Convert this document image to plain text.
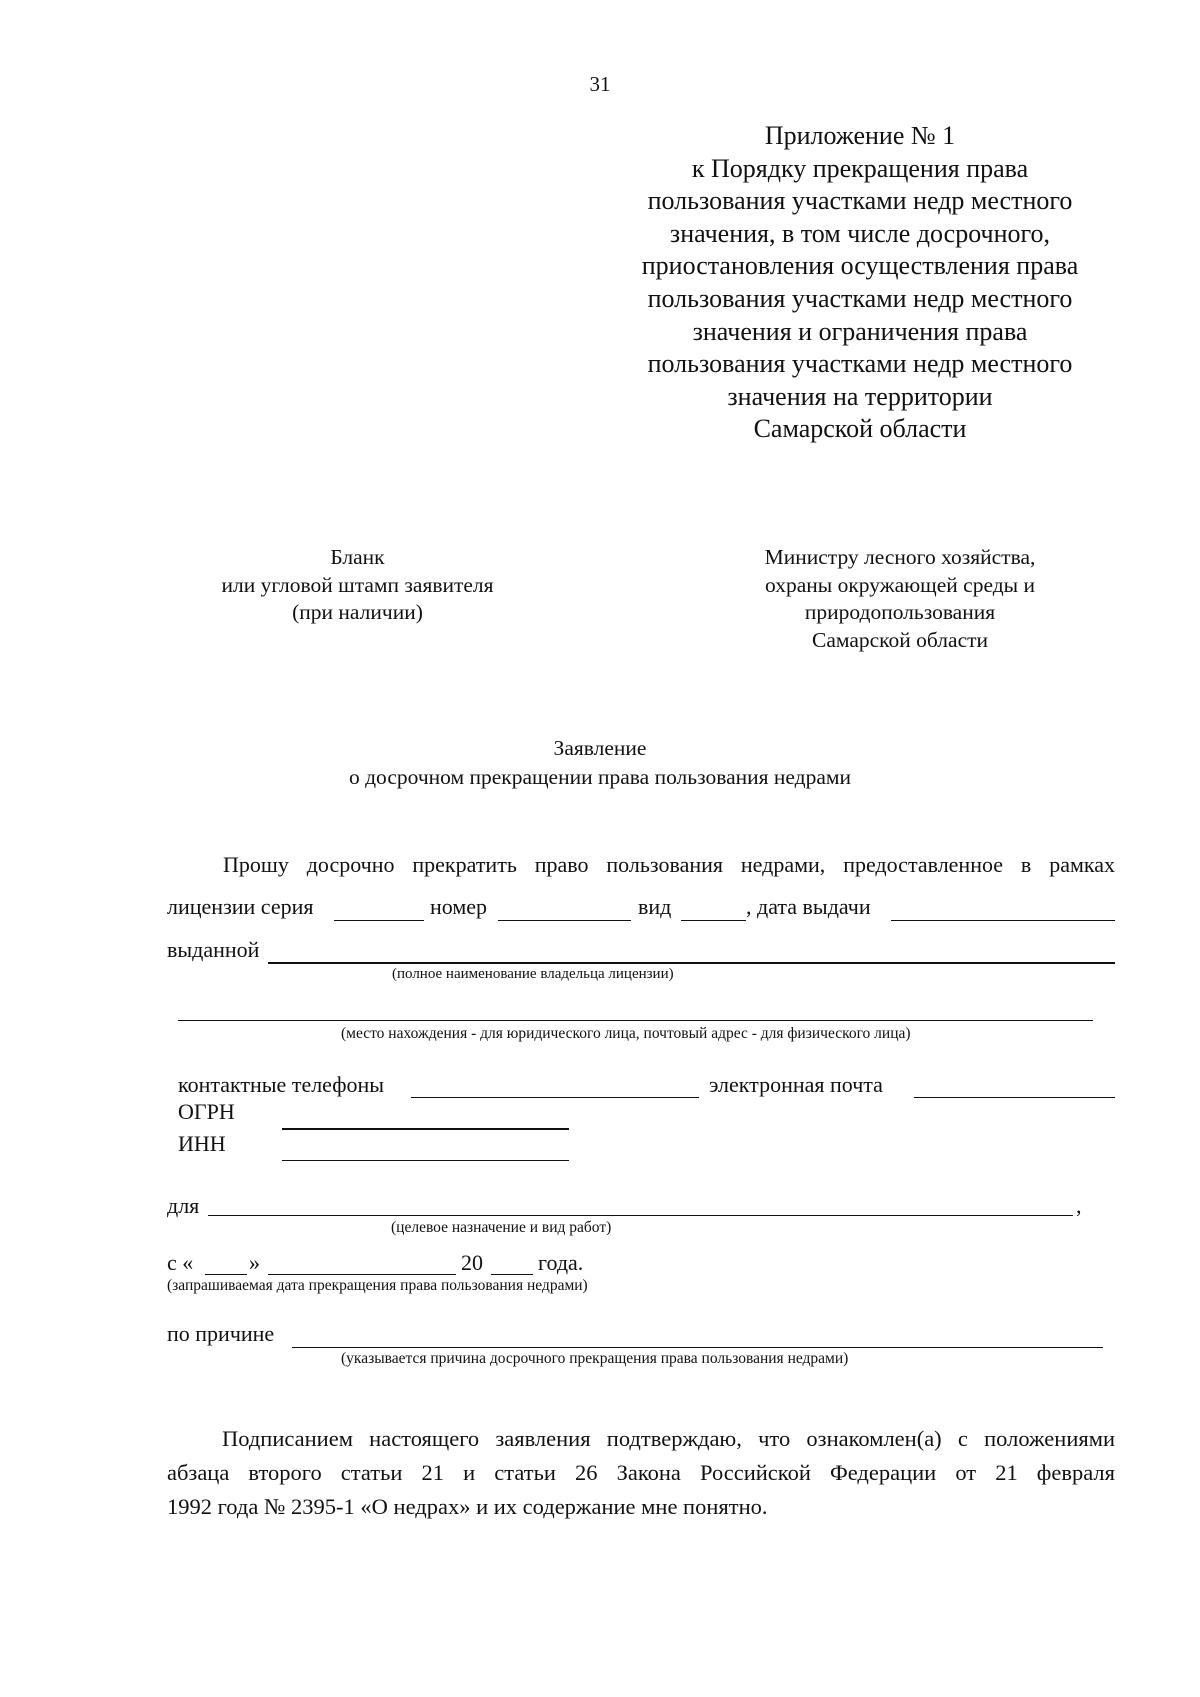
31
Приложение № 1
к Порядку прекращения права
пользования участками недр местного
значения, в том числе досрочного,
приостановления осуществления права
пользования участками недр местного
значения и ограничения права
пользования участками недр местного
значения на территории
Самарской области
Бланк
или угловой штамп заявителя
(при наличии)
Министру лесного хозяйства,
охраны окружающей среды и
природопользования
Самарской области
Заявление
о досрочном прекращении права пользования недрами
Прошу досрочно прекратить право пользования недрами, предоставленное в рамках
лицензии серия	номер	вид	, дата выдачи
выданной
(полное наименование владельца лицензии)
(место нахождения - для юридического лица, почтовый адрес - для физического лица)
контактные телефоны	электронная почта
ОГРН
ИНН
для	,
(целевое назначение и вид работ)
с «	»	20	года.
(запрашиваемая дата прекращения права пользования недрами)
по причине
(указывается причина досрочного прекращения права пользования недрами)
Подписанием настоящего заявления подтверждаю, что ознакомлен(а) с положениями
абзаца второго статьи 21 и статьи 26 Закона Российской Федерации от 21 февраля
1992 года № 2395-1 «О недрах» и их содержание мне понятно.
